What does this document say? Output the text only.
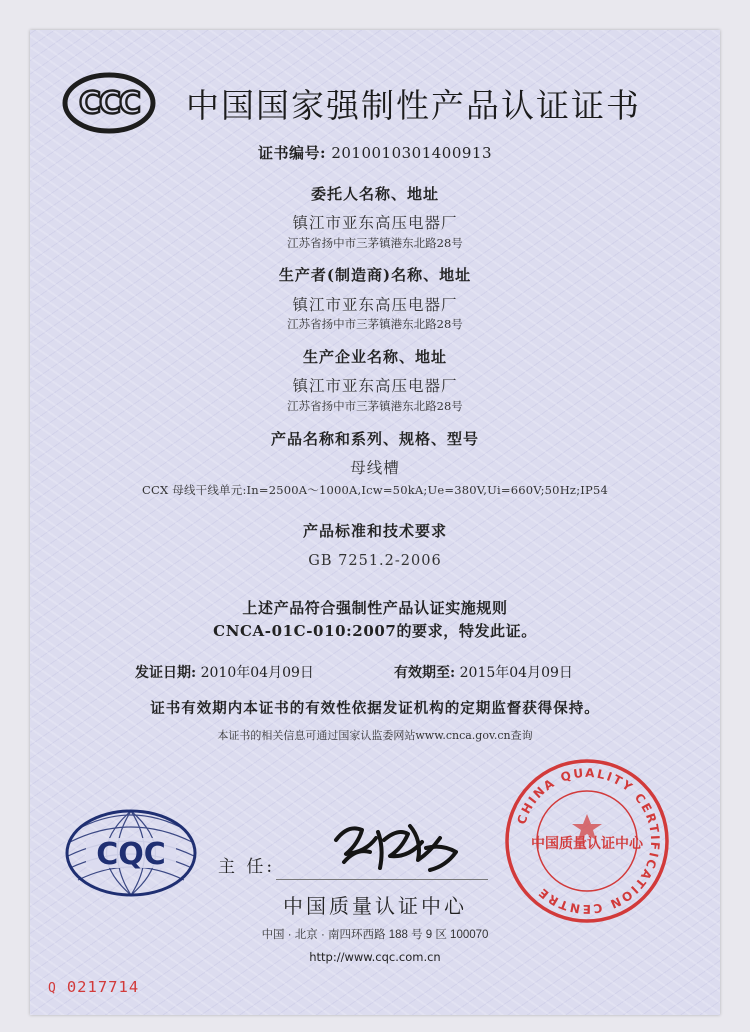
CCC 中国国家强制性产品认证证书
证书编号: 2010010301400913
委托人名称、地址
镇江市亚东高压电器厂
江苏省扬中市三茅镇港东北路28号
生产者(制造商)名称、地址
镇江市亚东高压电器厂
江苏省扬中市三茅镇港东北路28号
生产企业名称、地址
镇江市亚东高压电器厂
江苏省扬中市三茅镇港东北路28号
产品名称和系列、规格、型号
母线槽
CCX 母线干线单元:In=2500A～1000A,Icw=50kA;Ue=380V,Ui=660V;50Hz;IP54
产品标准和技术要求
GB 7251.2-2006
上述产品符合强制性产品认证实施规则
CNCA-01C-010:2007的要求，特发此证。
发证日期: 2010年04月09日	有效期至: 2015年04月09日
证书有效期内本证书的有效性依据发证机构的定期监督获得保持。
本证书的相关信息可通过国家认监委网站www.cnca.gov.cn查询
CQC
CHINA QUALITY CERTIFICATION CENTRE
中国质量认证中心
主 任:
中国质量认证中心
中国 · 北京 · 南四环西路 188 号 9 区 100070
http://www.cqc.com.cn
Q 0217714
